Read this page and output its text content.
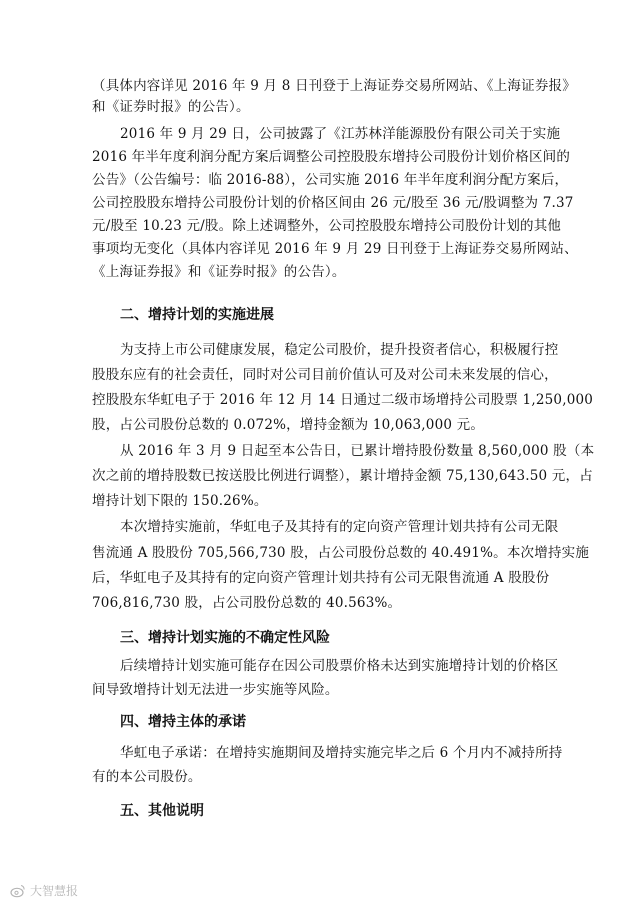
（具体内容详见 2016 年 9 月 8 日刊登于上海证券交易所网站、《上海证券报》
和《证券时报》的公告）。
2016 年 9 月 29 日，公司披露了《江苏林洋能源股份有限公司关于实施
2016 年半年度利润分配方案后调整公司控股股东增持公司股份计划价格区间的
公告》（公告编号：临 2016-88），公司实施 2016 年半年度利润分配方案后，
公司控股股东增持公司股份计划的价格区间由 26 元/股至 36 元/股调整为 7.37
元/股至 10.23 元/股。除上述调整外，公司控股股东增持公司股份计划的其他
事项均无变化（具体内容详见 2016 年 9 月 29 日刊登于上海证券交易所网站、
《上海证券报》和《证券时报》的公告）。
二、增持计划的实施进展
为支持上市公司健康发展，稳定公司股价，提升投资者信心，积极履行控
股股东应有的社会责任，同时对公司目前价值认可及对公司未来发展的信心，
控股股东华虹电子于 2016 年 12 月 14 日通过二级市场增持公司股票 1,250,000
股，占公司股份总数的 0.072%，增持金额为 10,063,000 元。
从 2016 年 3 月 9 日起至本公告日，已累计增持股份数量 8,560,000 股（本
次之前的增持股数已按送股比例进行调整），累计增持金额 75,130,643.50 元，占
增持计划下限的 150.26%。
本次增持实施前，华虹电子及其持有的定向资产管理计划共持有公司无限
售流通 A 股股份 705,566,730 股，占公司股份总数的 40.491%。本次增持实施
后，华虹电子及其持有的定向资产管理计划共持有公司无限售流通 A 股股份
706,816,730 股，占公司股份总数的 40.563%。
三、增持计划实施的不确定性风险
后续增持计划实施可能存在因公司股票价格未达到实施增持计划的价格区
间导致增持计划无法进一步实施等风险。
四、增持主体的承诺
华虹电子承诺：在增持实施期间及增持实施完毕之后 6 个月内不减持所持
有的本公司股份。
五、其他说明
大智慧报
